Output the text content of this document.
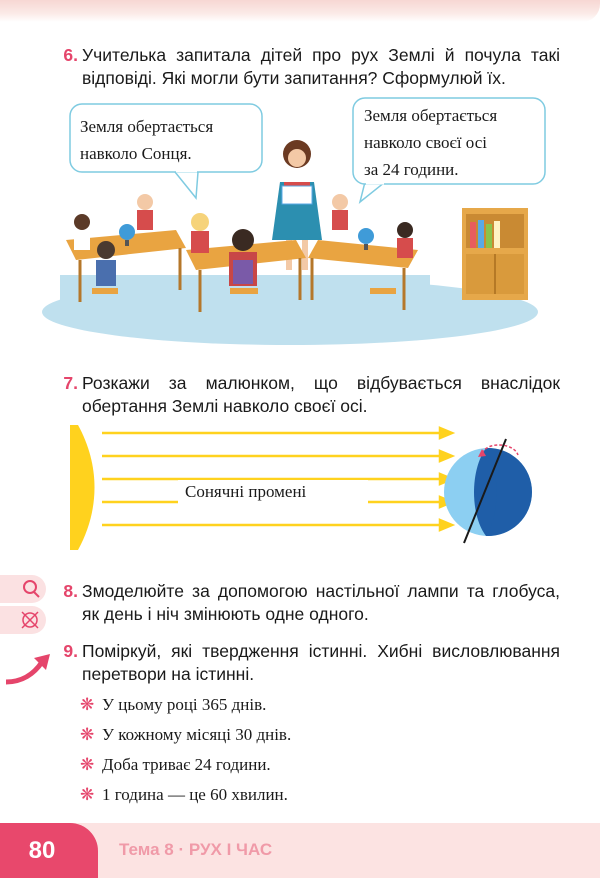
6. Учителька запитала дітей про рух Землі й почула такі відповіді. Які могли бути запитання? Сформулюй їх.
Земля обертається
навколо Сонця.
Земля обертається
навколо своєї осі
за 24 години.
7. Розкажи за малюнком, що відбувається внаслідок обертання Землі навколо своєї осі.
Сонячні промені
8. Змоделюйте за допомогою настільної лампи та глобуса, як день і ніч змінюють одне одного.
9. Поміркуй, які твердження істинні. Хибні висловлювання перетвори на істинні.
❋ У цьому році 365 днів.
❋ У кожному місяці 30 днів.
❋ Доба триває 24 години.
❋ 1 година — це 60 хвилин.
80	Тема 8 · РУХ І ЧАС
